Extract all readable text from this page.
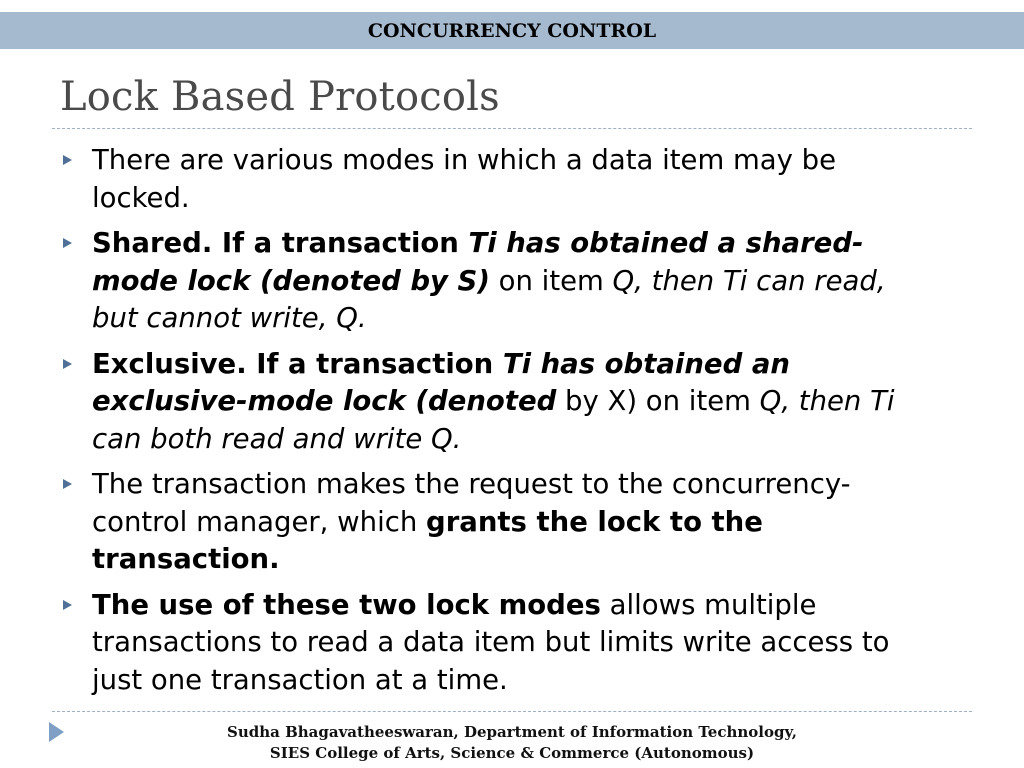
CONCURRENCY CONTROL
Lock Based Protocols
There are various modes in which a data item may be locked.
Shared. If a transaction Ti has obtained a shared-mode lock (denoted by S) on item Q, then Ti can read, but cannot write, Q.
Exclusive. If a transaction Ti has obtained an exclusive-mode lock (denoted by X) on item Q, then Ti can both read and write Q.
The transaction makes the request to the concurrency-control manager, which grants the lock to the transaction.
The use of these two lock modes allows multiple transactions to read a data item but limits write access to just one transaction at a time.
Sudha Bhagavatheeswaran, Department of Information Technology,
SIES College of Arts, Science & Commerce (Autonomous)
